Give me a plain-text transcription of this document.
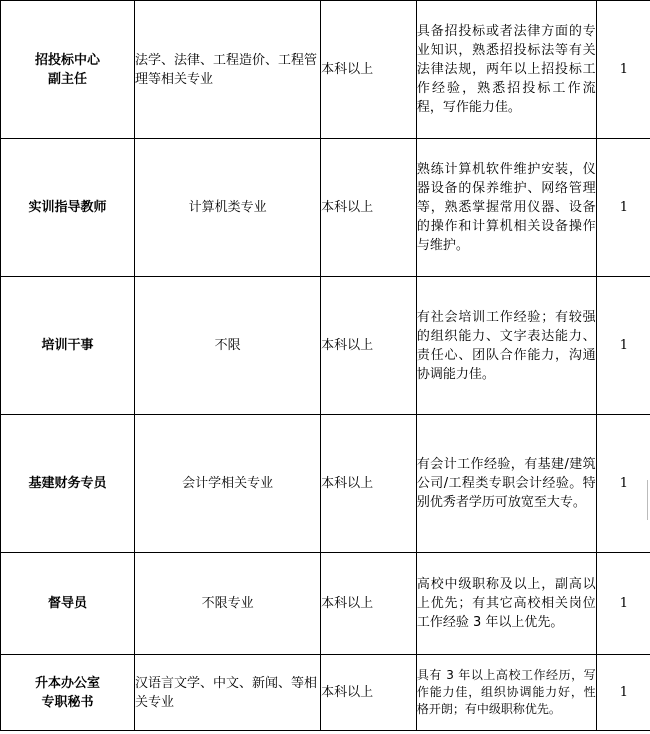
招投标中心
副主任	法学、法律、工程造价、工程管理等相关专业	本科以上	具备招投标或者法律方面的专业知识，熟悉招投标法等有关法律法规，两年以上招投标工作经验，熟悉招投标工作流程，写作能力佳。	1

实训指导教师	计算机类专业	本科以上	熟练计算机软件维护安装，仪器设备的保养维护、网络管理等，熟悉掌握常用仪器、设备的操作和计算机相关设备操作与维护。	1

培训干事	不限	本科以上	有社会培训工作经验；有较强的组织能力、文字表达能力、责任心、团队合作能力，沟通协调能力佳。	1

基建财务专员	会计学相关专业	本科以上	有会计工作经验，有基建/建筑公司/工程类专职会计经验。特别优秀者学历可放宽至大专。	1

督导员	不限专业	本科以上	高校中级职称及以上，副高以上优先；有其它高校相关岗位工作经验 3 年以上优先。	1

升本办公室
专职秘书	汉语言文学、中文、新闻、等相关专业	本科以上	具有 3 年以上高校工作经历，写作能力佳，组织协调能力好，性格开朗；有中级职称优先。	1
